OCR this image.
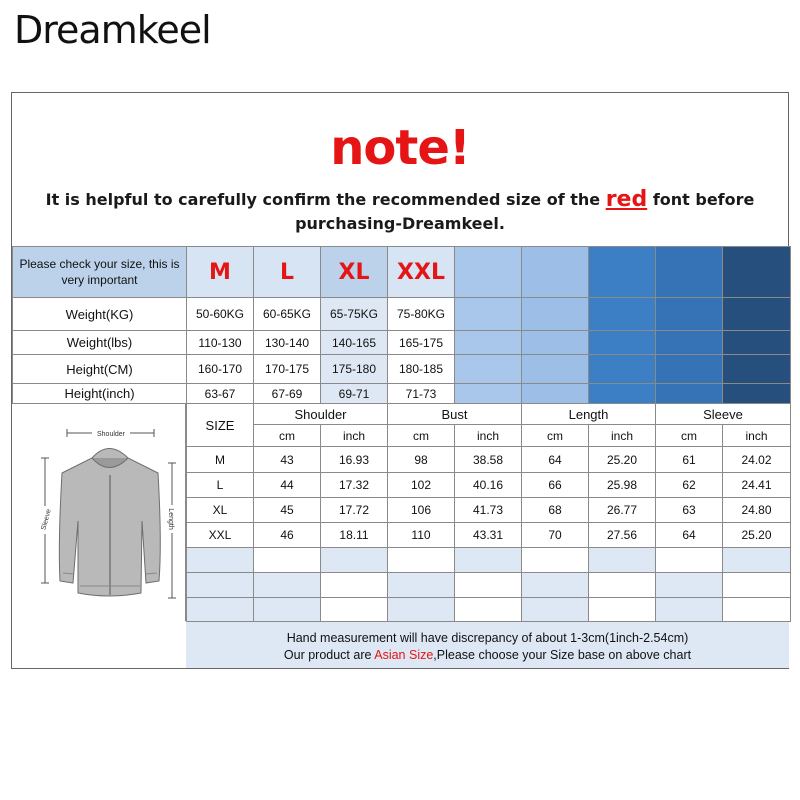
Dreamkeel
note!
It is helpful to carefully confirm the recommended size of the red font before
purchasing-Dreamkeel.
Please check your size, this is very important	M	L	XL	XXL					
Weight(KG)	50-60KG	60-65KG	65-75KG	75-80KG					
Weight(lbs)	110-130	130-140	140-165	165-175					
Height(CM)	160-170	170-175	175-180	180-185					
Height(inch)	63-67	67-69	69-71	71-73					
Shoulder
Sleeve	Length
SIZE	Shoulder		Bust		Length		Sleeve	
	cm	inch	cm	inch	cm	inch	cm	inch
M	43	16.93	98	38.58	64	25.20	61	24.02
L	44	17.32	102	40.16	66	25.98	62	24.41
XL	45	17.72	106	41.73	68	26.77	63	24.80
XXL	46	18.11	110	43.31	70	27.56	64	25.20

Hand measurement will have discrepancy of about 1-3cm(1inch-2.54cm)
Our product are Asian Size,Please choose your Size base on above chart
